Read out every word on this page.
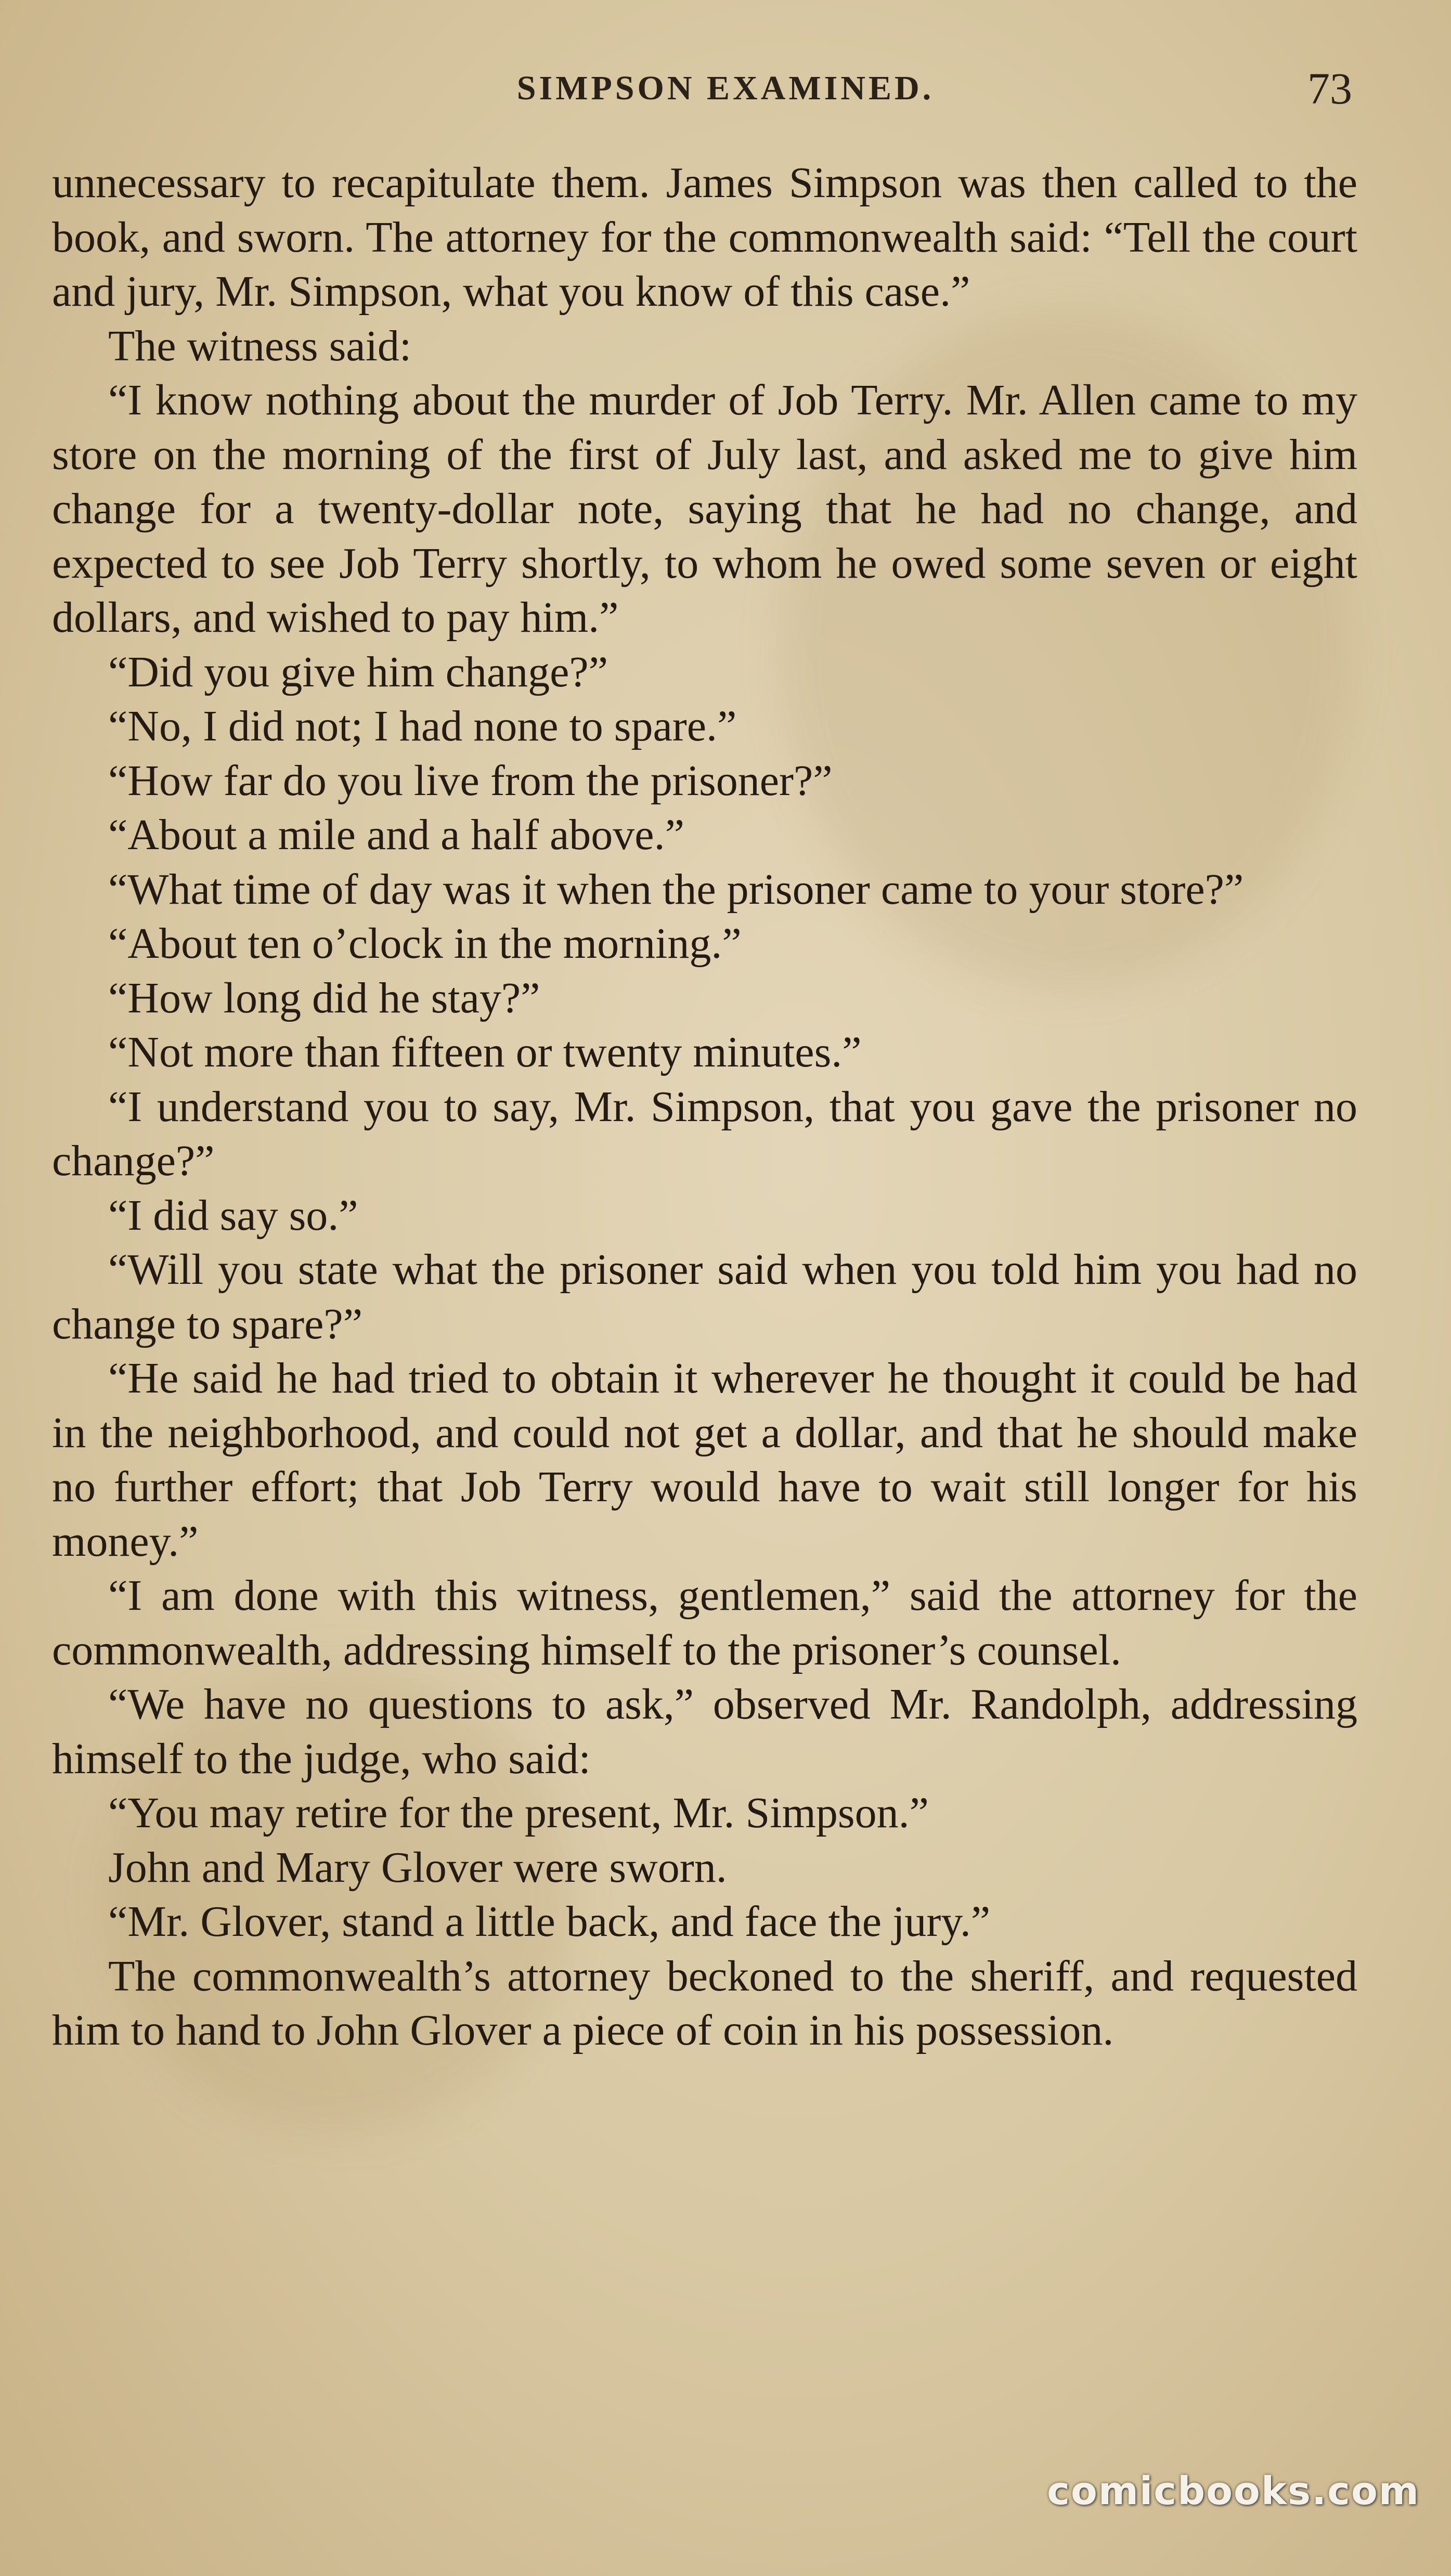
SIMPSON EXAMINED.	73

unnecessary to recapitulate them. James Simpson was then called to the book, and sworn. The attorney for the commonwealth said: “Tell the court and jury, Mr. Simpson, what you know of this case.”

The witness said:

“I know nothing about the murder of Job Terry. Mr. Allen came to my store on the morning of the first of July last, and asked me to give him change for a twenty-dollar note, saying that he had no change, and expected to see Job Terry shortly, to whom he owed some seven or eight dollars, and wished to pay him.”

“Did you give him change?”

“No, I did not; I had none to spare.”

“How far do you live from the prisoner?”

“About a mile and a half above.”

“What time of day was it when the prisoner came to your store?”

“About ten o’clock in the morning.”

“How long did he stay?”

“Not more than fifteen or twenty minutes.”

“I understand you to say, Mr. Simpson, that you gave the prisoner no change?”

“I did say so.”

“Will you state what the prisoner said when you told him you had no change to spare?”

“He said he had tried to obtain it wherever he thought it could be had in the neighborhood, and could not get a dollar, and that he should make no further effort; that Job Terry would have to wait still longer for his money.”

“I am done with this witness, gentlemen,” said the attorney for the commonwealth, addressing himself to the prisoner’s counsel.

“We have no questions to ask,” observed Mr. Randolph, addressing himself to the judge, who said:

“You may retire for the present, Mr. Simpson.”

John and Mary Glover were sworn.

“Mr. Glover, stand a little back, and face the jury.”

The commonwealth’s attorney beckoned to the sheriff, and requested him to hand to John Glover a piece of coin in his possession.

comicbooks.com
